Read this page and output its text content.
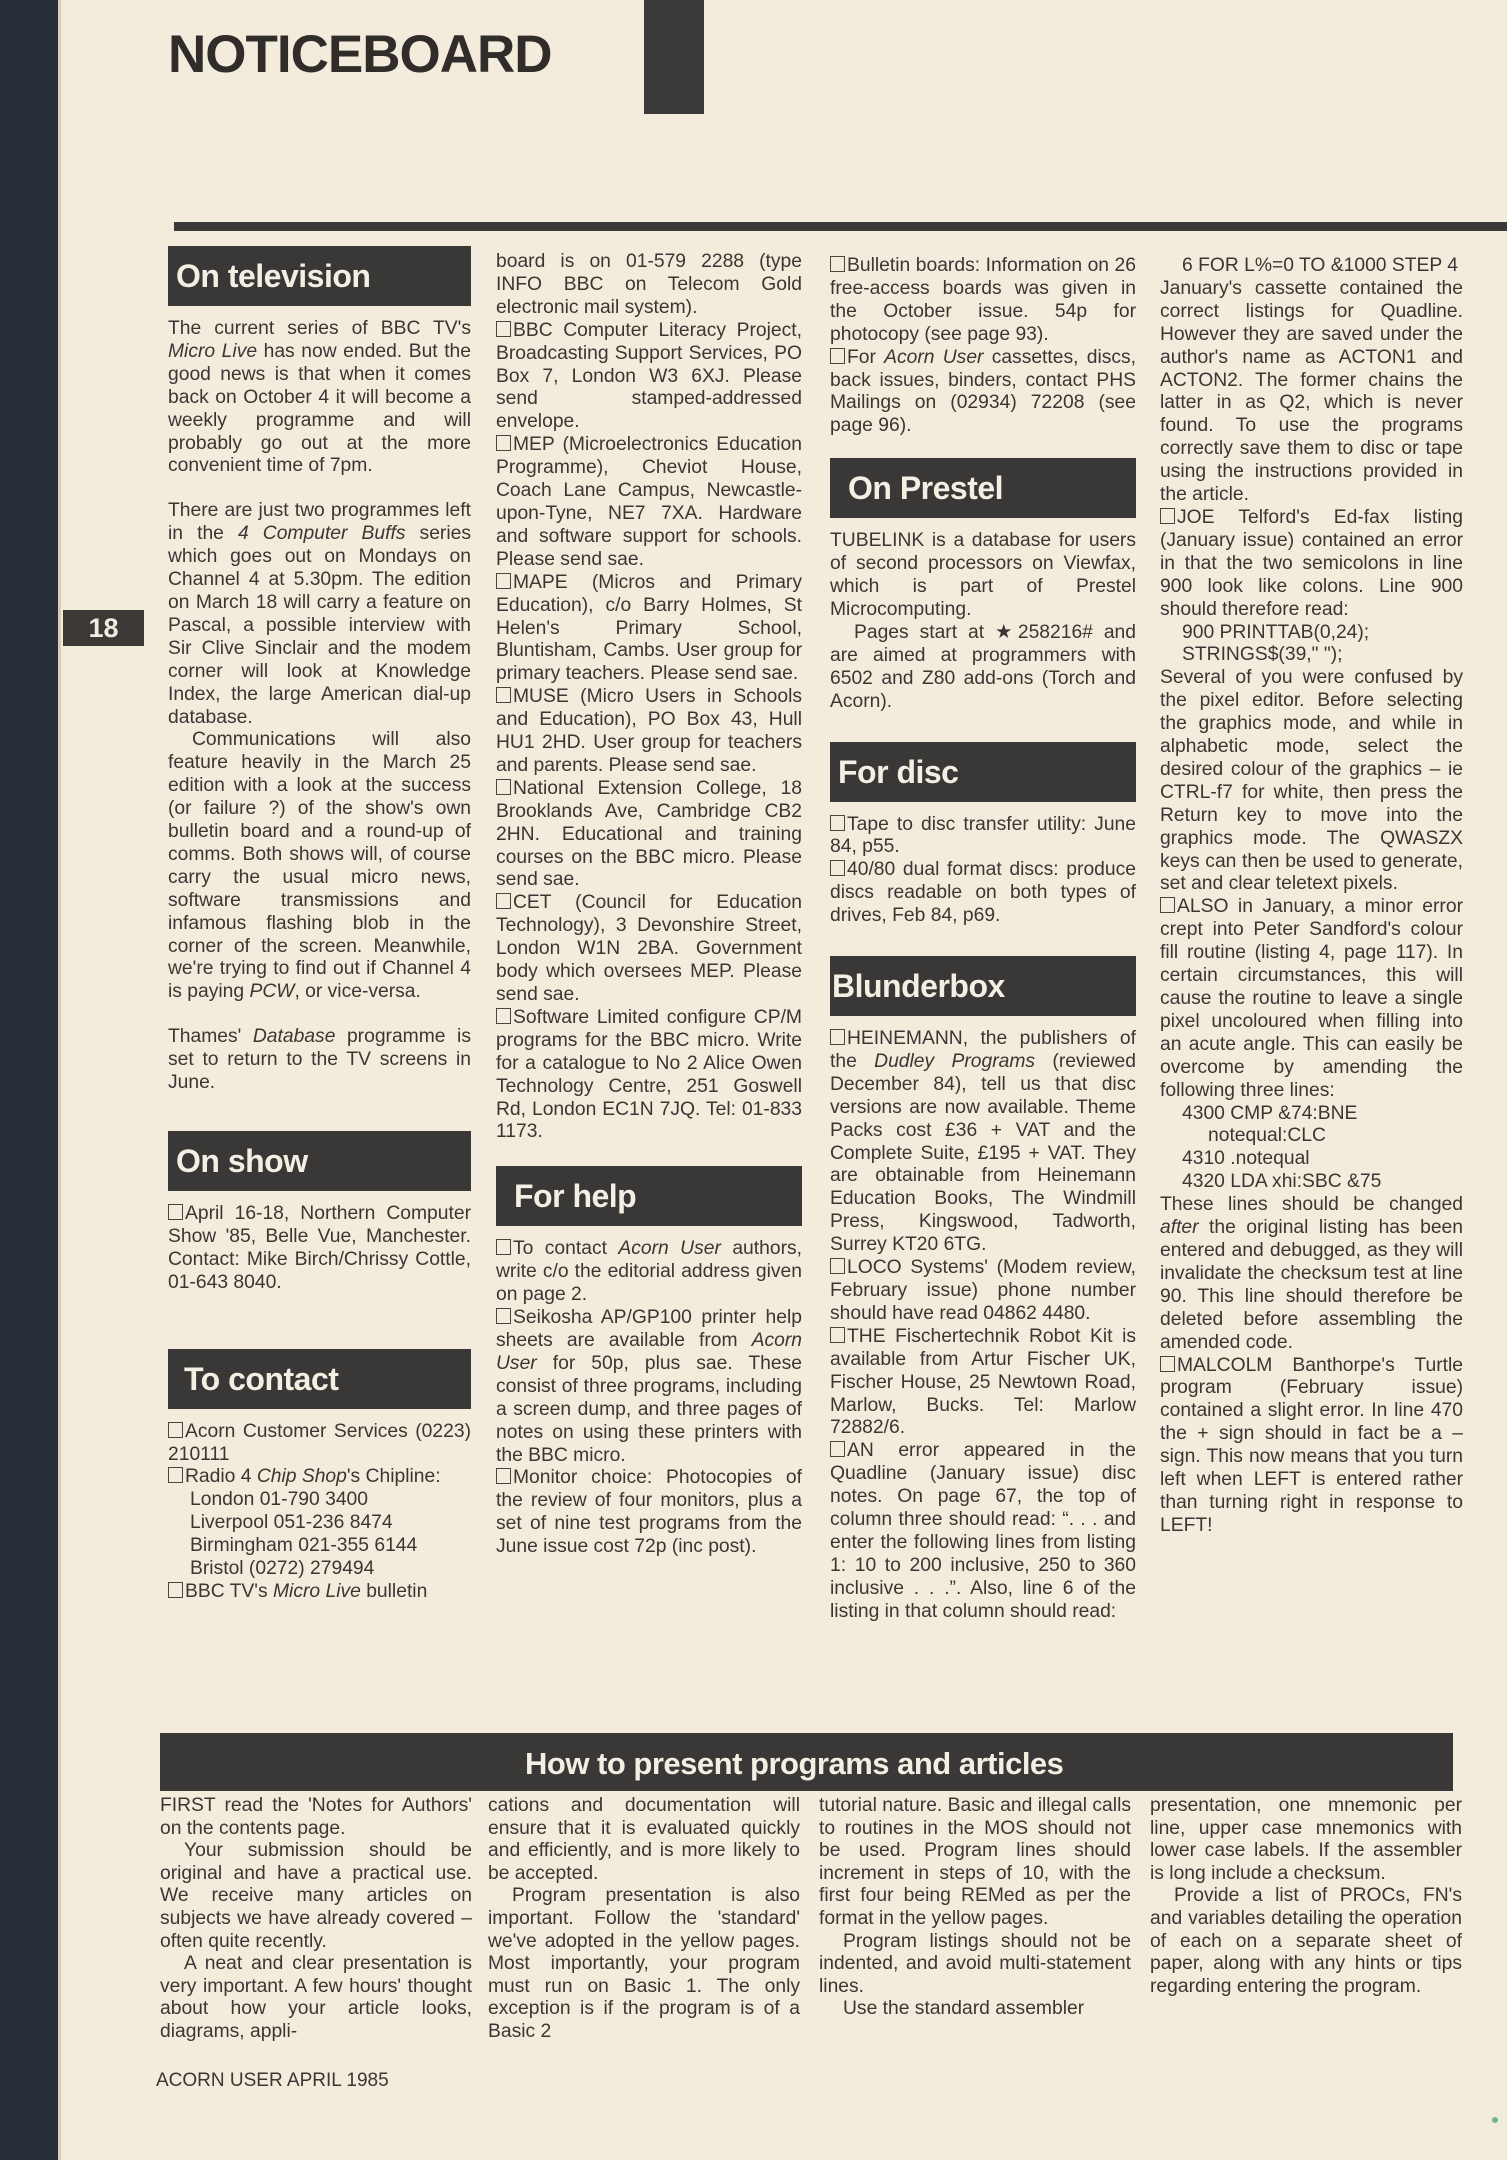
NOTICEBOARD
18
On television

The current series of BBC TV's Micro Live has now ended. But the good news is that when it comes back on October 4 it will become a weekly programme and will probably go out at the more convenient time of 7pm.

There are just two programmes left in the 4 Computer Buffs series which goes out on Mondays on Channel 4 at 5.30pm. The edition on March 18 will carry a feature on Pascal, a possible interview with Sir Clive Sinclair and the modem corner will look at Knowledge Index, the large American dial-up database.

Communications will also feature heavily in the March 25 edition with a look at the success (or failure ?) of the show's own bulletin board and a round-up of comms. Both shows will, of course carry the usual micro news, software transmissions and infamous flashing blob in the corner of the screen. Meanwhile, we're trying to find out if Channel 4 is paying PCW, or vice-versa.

Thames' Database programme is set to return to the TV screens in June.

On show

April 16-18, Northern Computer Show '85, Belle Vue, Manchester. Contact: Mike Birch/Chrissy Cottle, 01-643 8040.

To contact

Acorn Customer Services (0223) 210111

Radio 4 Chip Shop's Chipline:

London 01-790 3400

Liverpool 051-236 8474

Birmingham 021-355 6144

Bristol (0272) 279494

BBC TV's Micro Live bulletin

board is on 01-579 2288 (type INFO BBC on Telecom Gold electronic mail system).

BBC Computer Literacy Project, Broadcasting Support Services, PO Box 7, London W3 6XJ. Please send stamped-addressed envelope.

MEP (Microelectronics Education Programme), Cheviot House, Coach Lane Campus, Newcastle-upon-Tyne, NE7 7XA. Hardware and software support for schools. Please send sae.

MAPE (Micros and Primary Education), c/o Barry Holmes, St Helen's Primary School, Bluntisham, Cambs. User group for primary teachers. Please send sae.

MUSE (Micro Users in Schools and Education), PO Box 43, Hull HU1 2HD. User group for teachers and parents. Please send sae.

National Extension College, 18 Brooklands Ave, Cambridge CB2 2HN. Educational and training courses on the BBC micro. Please send sae.

CET (Council for Education Technology), 3 Devonshire Street, London W1N 2BA. Government body which oversees MEP. Please send sae.

Software Limited configure CP/M programs for the BBC micro. Write for a catalogue to No 2 Alice Owen Technology Centre, 251 Goswell Rd, London EC1N 7JQ. Tel: 01-833 1173.

For help

To contact Acorn User authors, write c/o the editorial address given on page 2.

Seikosha AP/GP100 printer help sheets are available from Acorn User for 50p, plus sae. These consist of three programs, including a screen dump, and three pages of notes on using these printers with the BBC micro.

Monitor choice: Photocopies of the review of four monitors, plus a set of nine test programs from the June issue cost 72p (inc post).

Bulletin boards: Information on 26 free-access boards was given in the October issue. 54p for photocopy (see page 93).

For Acorn User cassettes, discs, back issues, binders, contact PHS Mailings on (02934) 72208 (see page 96).

On Prestel

TUBELINK is a database for users of second processors on Viewfax, which is part of Prestel Microcomputing.

Pages start at ★258216# and are aimed at programmers with 6502 and Z80 add-ons (Torch and Acorn).

For disc

Tape to disc transfer utility: June 84, p55.

40/80 dual format discs: produce discs readable on both types of drives, Feb 84, p69.

Blunderbox

HEINEMANN, the publishers of the Dudley Programs (reviewed December 84), tell us that disc versions are now available. Theme Packs cost £36 + VAT and the Complete Suite, £195 + VAT. They are obtainable from Heinemann Education Books, The Windmill Press, Kingswood, Tadworth, Surrey KT20 6TG.

LOCO Systems' (Modem review, February issue) phone number should have read 04862 4480.

THE Fischertechnik Robot Kit is available from Artur Fischer UK, Fischer House, 25 Newtown Road, Marlow, Bucks. Tel: Marlow 72882/6.

AN error appeared in the Quadline (January issue) disc notes. On page 67, the top of column three should read: “. . . and enter the following lines from listing 1: 10 to 200 inclusive, 250 to 360 inclusive . . .”. Also, line 6 of the listing in that column should read:

6 FOR L%=0 TO &1000 STEP 4

January's cassette contained the correct listings for Quadline. However they are saved under the author's name as ACTON1 and ACTON2. The former chains the latter in as Q2, which is never found. To use the programs correctly save them to disc or tape using the instructions provided in the article.

JOE Telford's Ed-fax listing (January issue) contained an error in that the two semicolons in line 900 look like colons. Line 900 should therefore read:

900 PRINTTAB(0,24);

STRINGS$(39," ");

Several of you were confused by the pixel editor. Before selecting the graphics mode, and while in alphabetic mode, select the desired colour of the graphics – ie CTRL-f7 for white, then press the Return key to move into the graphics mode. The QWASZX keys can then be used to generate, set and clear teletext pixels.

ALSO in January, a minor error crept into Peter Sandford's colour fill routine (listing 4, page 117). In certain circumstances, this will cause the routine to leave a single pixel uncoloured when filling into an acute angle. This can easily be overcome by amending the following three lines:

4300 CMP &74:BNE

notequal:CLC

4310 .notequal

4320 LDA xhi:SBC &75

These lines should be changed after the original listing has been entered and debugged, as they will invalidate the checksum test at line 90. This line should therefore be deleted before assembling the amended code.

MALCOLM Banthorpe's Turtle program (February issue) contained a slight error. In line 470 the + sign should in fact be a – sign. This now means that you turn left when LEFT is entered rather than turning right in response to LEFT!

How to present programs and articles

FIRST read the 'Notes for Authors' on the contents page.

Your submission should be original and have a practical use. We receive many articles on subjects we have already covered – often quite recently.

A neat and clear presentation is very important. A few hours' thought about how your article looks, diagrams, appli-

cations and documentation will ensure that it is evaluated quickly and efficiently, and is more likely to be accepted.

Program presentation is also important. Follow the 'standard' we've adopted in the yellow pages. Most importantly, your program must run on Basic 1. The only exception is if the program is of a Basic 2

tutorial nature. Basic and illegal calls to routines in the MOS should not be used. Program lines should increment in steps of 10, with the first four being REMed as per the format in the yellow pages.

Program listings should not be indented, and avoid multi-statement lines.

Use the standard assembler

presentation, one mnemonic per line, upper case mnemonics with lower case labels. If the assembler is long include a checksum.

Provide a list of PROCs, FN's and variables detailing the operation of each on a separate sheet of paper, along with any hints or tips regarding entering the program.

ACORN USER APRIL 1985
